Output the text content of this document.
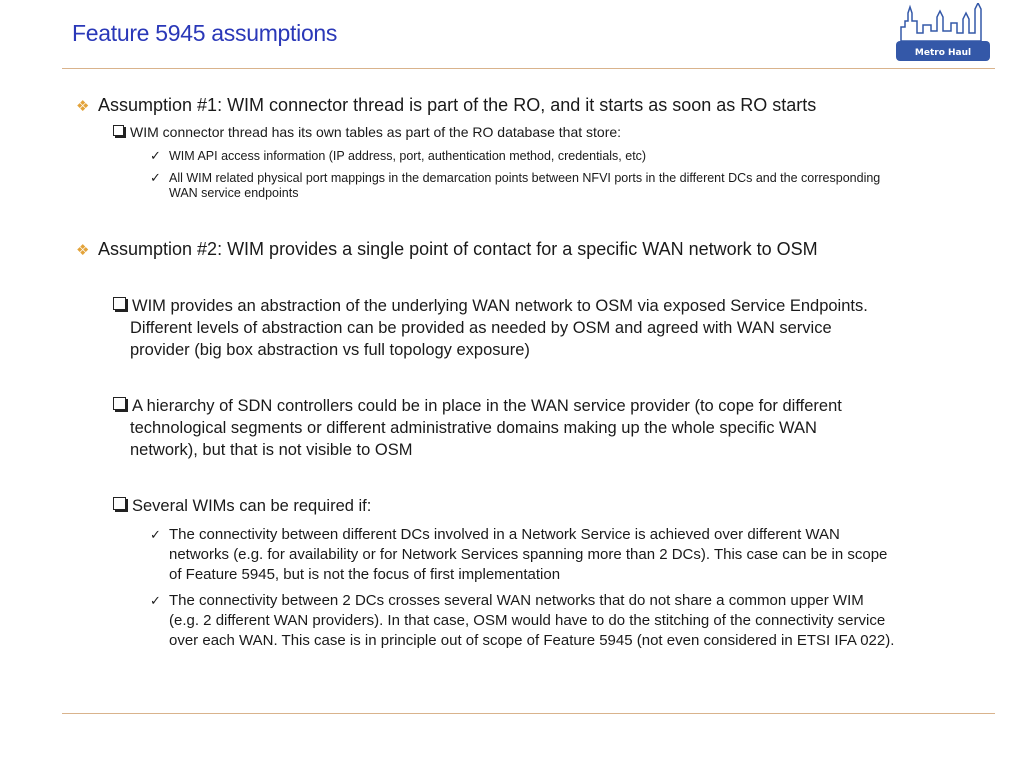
Feature 5945 assumptions
Metro Haul
❖ Assumption #1: WIM connector thread is part of the RO, and it starts as soon as RO starts
WIM connector thread has its own tables as part of the RO database that store:
✓ WIM API access information (IP address, port, authentication method, credentials, etc)
✓ All WIM related physical port mappings in the demarcation points between NFVI ports in the different DCs and the corresponding
WAN service endpoints
❖ Assumption #2: WIM provides a single point of contact for a specific WAN network to OSM
WIM provides an abstraction of the underlying WAN network to OSM via exposed Service Endpoints.
Different levels of abstraction can be provided as needed by OSM and agreed with WAN service
provider (big box abstraction vs full topology exposure)
A hierarchy of SDN controllers could be in place in the WAN service provider (to cope for different
technological segments or different administrative domains making up the whole specific WAN
network), but that is not visible to OSM
Several WIMs can be required if:
✓ The connectivity between different DCs involved in a Network Service is achieved over different WAN
networks (e.g. for availability or for Network Services spanning more than 2 DCs). This case can be in scope
of Feature 5945, but is not the focus of first implementation
✓ The connectivity between 2 DCs crosses several WAN networks that do not share a common upper WIM
(e.g. 2 different WAN providers). In that case, OSM would have to do the stitching of the connectivity service
over each WAN. This case is in principle out of scope of Feature 5945 (not even considered in ETSI IFA 022).
